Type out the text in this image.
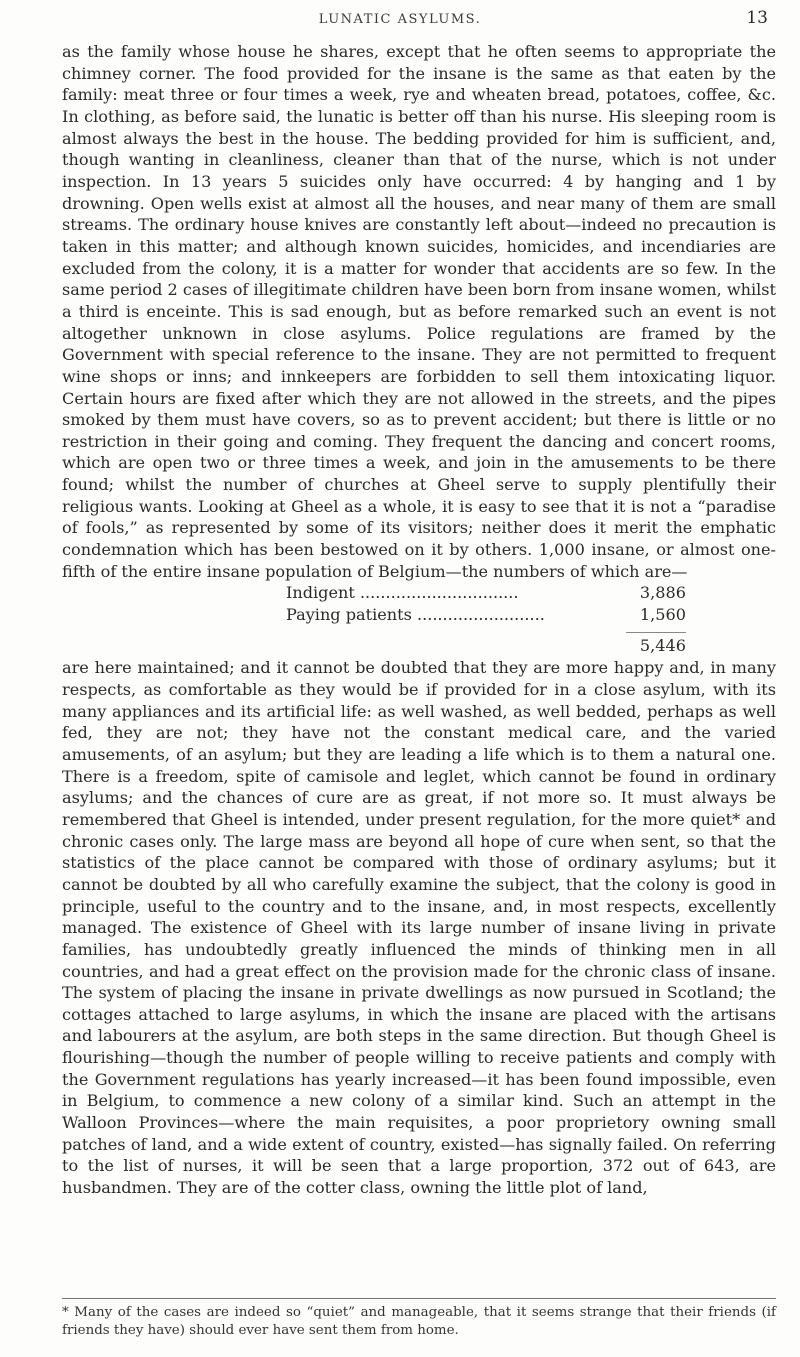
LUNATIC ASYLUMS.	13

as the family whose house he shares, except that he often seems to appropriate the chimney corner. The food provided for the insane is the same as that eaten by the family: meat three or four times a week, rye and wheaten bread, potatoes, coffee, &c. In clothing, as before said, the lunatic is better off than his nurse. His sleeping room is almost always the best in the house. The bedding provided for him is sufficient, and, though wanting in cleanliness, cleaner than that of the nurse, which is not under inspection. In 13 years 5 suicides only have occurred: 4 by hanging and 1 by drowning. Open wells exist at almost all the houses, and near many of them are small streams. The ordinary house knives are constantly left about—indeed no precaution is taken in this matter; and although known suicides, homicides, and incendiaries are excluded from the colony, it is a matter for wonder that accidents are so few. In the same period 2 cases of illegitimate children have been born from insane women, whilst a third is enceinte. This is sad enough, but as before remarked such an event is not altogether unknown in close asylums. Police regulations are framed by the Government with special reference to the insane. They are not permitted to frequent wine shops or inns; and innkeepers are forbidden to sell them intoxicating liquor. Certain hours are fixed after which they are not allowed in the streets, and the pipes smoked by them must have covers, so as to prevent accident; but there is little or no restriction in their going and coming. They frequent the dancing and concert rooms, which are open two or three times a week, and join in the amusements to be there found; whilst the number of churches at Gheel serve to supply plentifully their religious wants. Looking at Gheel as a whole, it is easy to see that it is not a “paradise of fools,” as represented by some of its visitors; neither does it merit the emphatic condemnation which has been bestowed on it by others. 1,000 insane, or almost one-fifth of the entire insane population of Belgium—the numbers of which are—

Indigent ...............................	3,886
Paying patients .........................	1,560
5,446

are here maintained; and it cannot be doubted that they are more happy and, in many respects, as comfortable as they would be if provided for in a close asylum, with its many appliances and its artificial life: as well washed, as well bedded, perhaps as well fed, they are not; they have not the constant medical care, and the varied amusements, of an asylum; but they are leading a life which is to them a natural one. There is a freedom, spite of camisole and leglet, which cannot be found in ordinary asylums; and the chances of cure are as great, if not more so. It must always be remembered that Gheel is intended, under present regulation, for the more quiet* and chronic cases only. The large mass are beyond all hope of cure when sent, so that the statistics of the place cannot be compared with those of ordinary asylums; but it cannot be doubted by all who carefully examine the subject, that the colony is good in principle, useful to the country and to the insane, and, in most respects, excellently managed. The existence of Gheel with its large number of insane living in private families, has undoubtedly greatly influenced the minds of thinking men in all countries, and had a great effect on the provision made for the chronic class of insane. The system of placing the insane in private dwellings as now pursued in Scotland; the cottages attached to large asylums, in which the insane are placed with the artisans and labourers at the asylum, are both steps in the same direction. But though Gheel is flourishing—though the number of people willing to receive patients and comply with the Government regulations has yearly increased—it has been found impossible, even in Belgium, to commence a new colony of a similar kind. Such an attempt in the Walloon Provinces—where the main requisites, a poor proprietory owning small patches of land, and a wide extent of country, existed—has signally failed. On referring to the list of nurses, it will be seen that a large proportion, 372 out of 643, are husbandmen. They are of the cotter class, owning the little plot of land,

* Many of the cases are indeed so “quiet” and manageable, that it seems strange that their friends (if friends they have) should ever have sent them from home.
